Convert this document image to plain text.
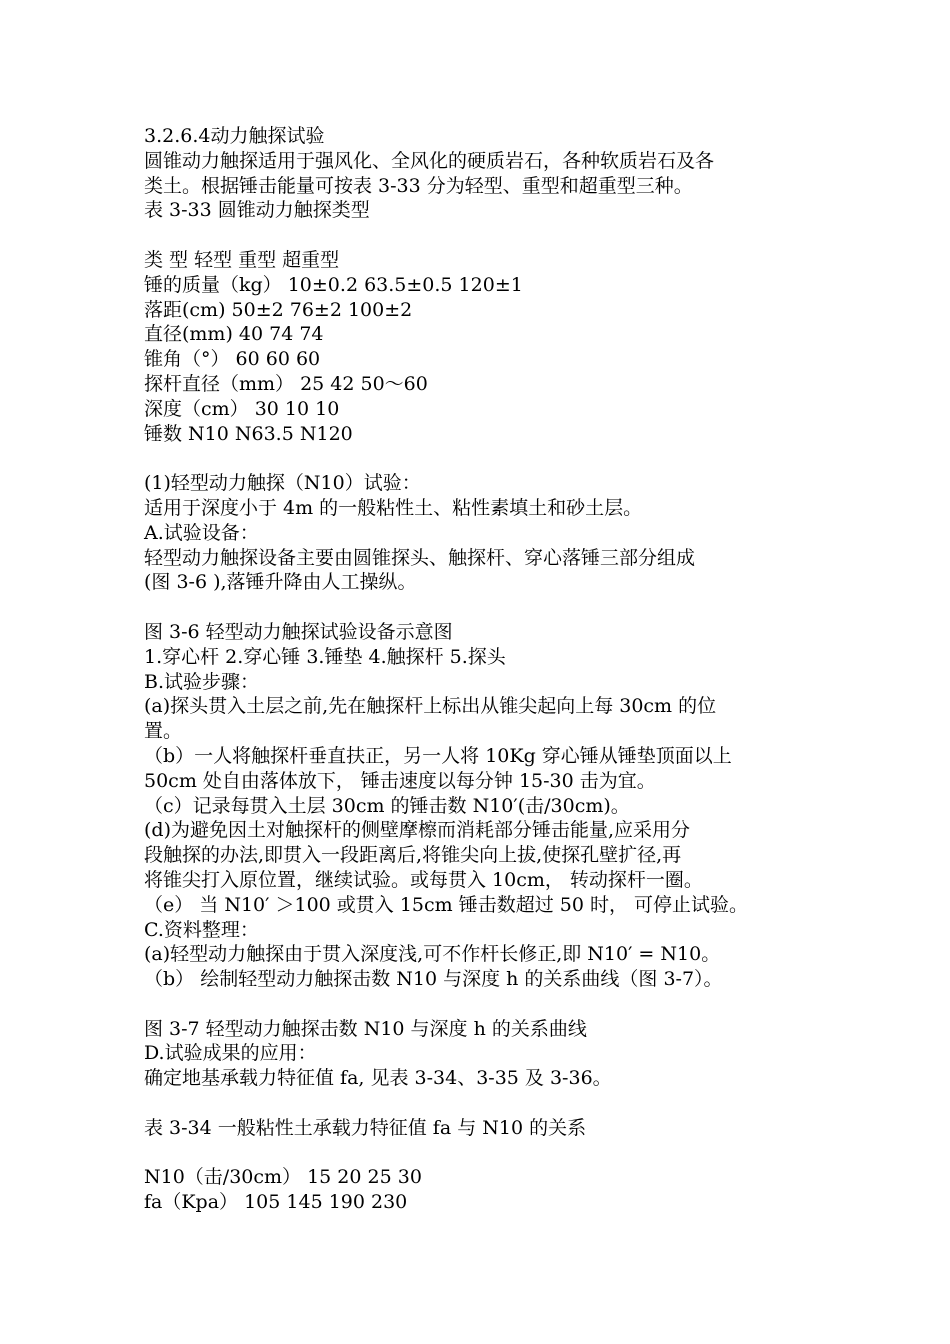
3.2.6.4动力触探试验
圆锥动力触探适用于强风化、全风化的硬质岩石，各种软质岩石及各
类土。根据锤击能量可按表 3-33 分为轻型、重型和超重型三种。
表 3-33 圆锥动力触探类型
类 型 轻型 重型 超重型
锤的质量（kg） 10±0.2 63.5±0.5 120±1
落距(cm) 50±2 76±2 100±2
直径(mm) 40 74 74
锥角（°） 60 60 60
探杆直径（mm） 25 42 50～60
深度（cm） 30 10 10
锤数 N10 N63.5 N120
(1)轻型动力触探（N10）试验：
适用于深度小于 4m 的一般粘性土、粘性素填土和砂土层。
A.试验设备：
轻型动力触探设备主要由圆锥探头、触探杆、穿心落锤三部分组成
(图 3-6 ),落锤升降由人工操纵。
图 3-6 轻型动力触探试验设备示意图
1.穿心杆 2.穿心锤 3.锤垫 4.触探杆 5.探头
B.试验步骤：
(a)探头贯入土层之前,先在触探杆上标出从锥尖起向上每 30cm 的位
置。
（b）一人将触探杆垂直扶正，另一人将 10Kg 穿心锤从锤垫顶面以上
50cm 处自由落体放下， 锤击速度以每分钟 15-30 击为宜。
（c）记录每贯入土层 30cm 的锤击数 N10′(击/30cm)。
(d)为避免因土对触探杆的侧壁摩檫而消耗部分锤击能量,应采用分
段触探的办法,即贯入一段距离后,将锥尖向上拔,使探孔壁扩径,再
将锥尖打入原位置，继续试验。或每贯入 10cm， 转动探杆一圈。
（e） 当 N10′ ＞100 或贯入 15cm 锤击数超过 50 时， 可停止试验。
C.资料整理：
(a)轻型动力触探由于贯入深度浅,可不作杆长修正,即 N10′ = N10。
（b） 绘制轻型动力触探击数 N10 与深度 h 的关系曲线（图 3-7）。
图 3-7 轻型动力触探击数 N10 与深度 h 的关系曲线
D.试验成果的应用：
确定地基承载力特征值 fa, 见表 3-34、3-35 及 3-36。
表 3-34 一般粘性土承载力特征值 fa 与 N10 的关系
N10（击/30cm） 15 20 25 30
fa（Kpa） 105 145 190 230
